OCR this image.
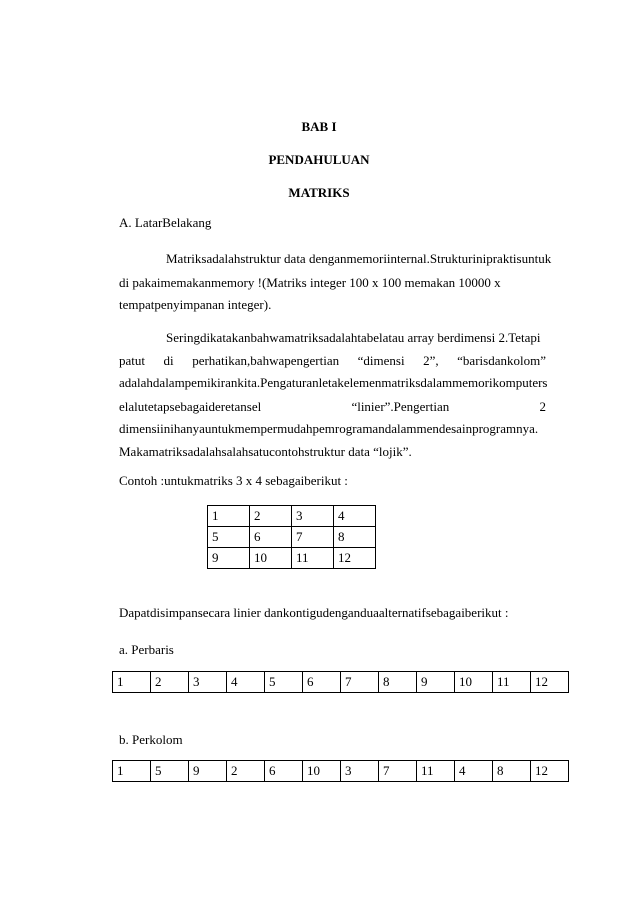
BAB I
PENDAHULUAN
MATRIKS
A. LatarBelakang
Matriksadalahstruktur data denganmemoriinternal.Strukturinipraktisuntuk
di pakaimemakanmemory !(Matriks integer 100 x 100 memakan 10000 x
tempatpenyimpanan integer).
Seringdikatakanbahwamatriksadalahtabelatau array berdimensi 2.Tetapi
patut di perhatikan,bahwapengertian “dimensi 2”, “barisdankolom”
adalahdalampemikirankita.Pengaturanletakelemenmatriksdalammemorikomputers
elalutetapsebagaideretansel	“linier”.Pengertian	2
dimensiinihanyauntukmempermudahpemrogramandalammendesainprogramnya.
Makamatriksadalahsalahsatucontohstruktur data “lojik”.
Contoh :untukmatriks 3 x 4 sebagaiberikut :
1	2	3	4
5	6	7	8
9	10	11	12
Dapatdisimpansecara linier dankontigudenganduaalternatifsebagaiberikut :
a. Perbaris
1	2	3	4	5	6	7	8	9	10	11	12
b. Perkolom
1	5	9	2	6	10	3	7	11	4	8	12
